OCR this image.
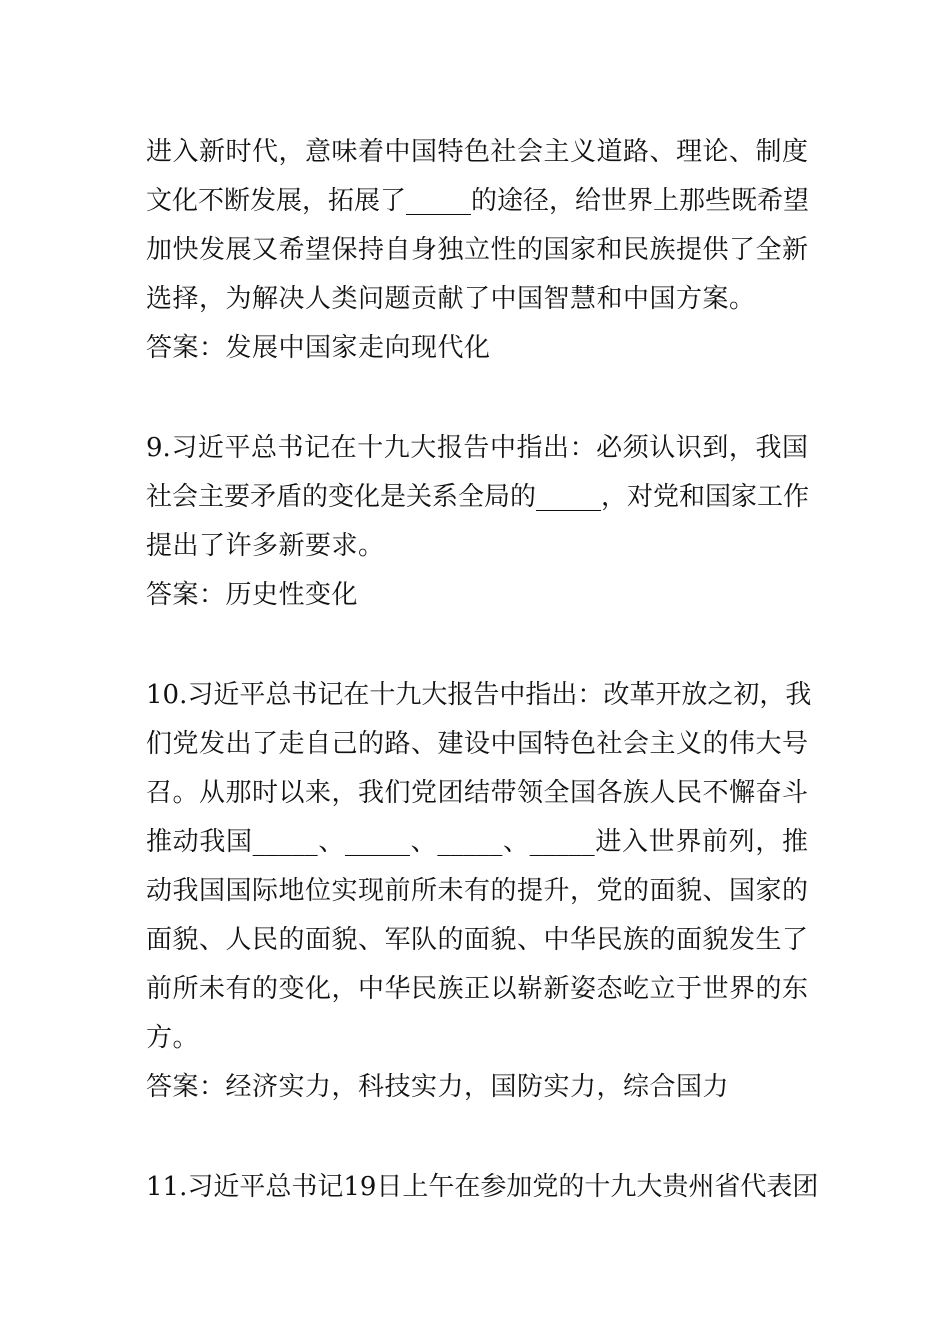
进入新时代，意味着中国特色社会主义道路、理论、制度
文化不断发展，拓展了_____的途径，给世界上那些既希望
加快发展又希望保持自身独立性的国家和民族提供了全新
选择，为解决人类问题贡献了中国智慧和中国方案。
答案：发展中国家走向现代化
9.习近平总书记在十九大报告中指出：必须认识到，我国
社会主要矛盾的变化是关系全局的_____，对党和国家工作
提出了许多新要求。
答案：历史性变化
10.习近平总书记在十九大报告中指出：改革开放之初，我
们党发出了走自己的路、建设中国特色社会主义的伟大号
召。从那时以来，我们党团结带领全国各族人民不懈奋斗
推动我国_____、_____、_____、_____进入世界前列，推
动我国国际地位实现前所未有的提升，党的面貌、国家的
面貌、人民的面貌、军队的面貌、中华民族的面貌发生了
前所未有的变化，中华民族正以崭新姿态屹立于世界的东
方。
答案：经济实力，科技实力，国防实力，综合国力
11.习近平总书记19日上午在参加党的十九大贵州省代表团
